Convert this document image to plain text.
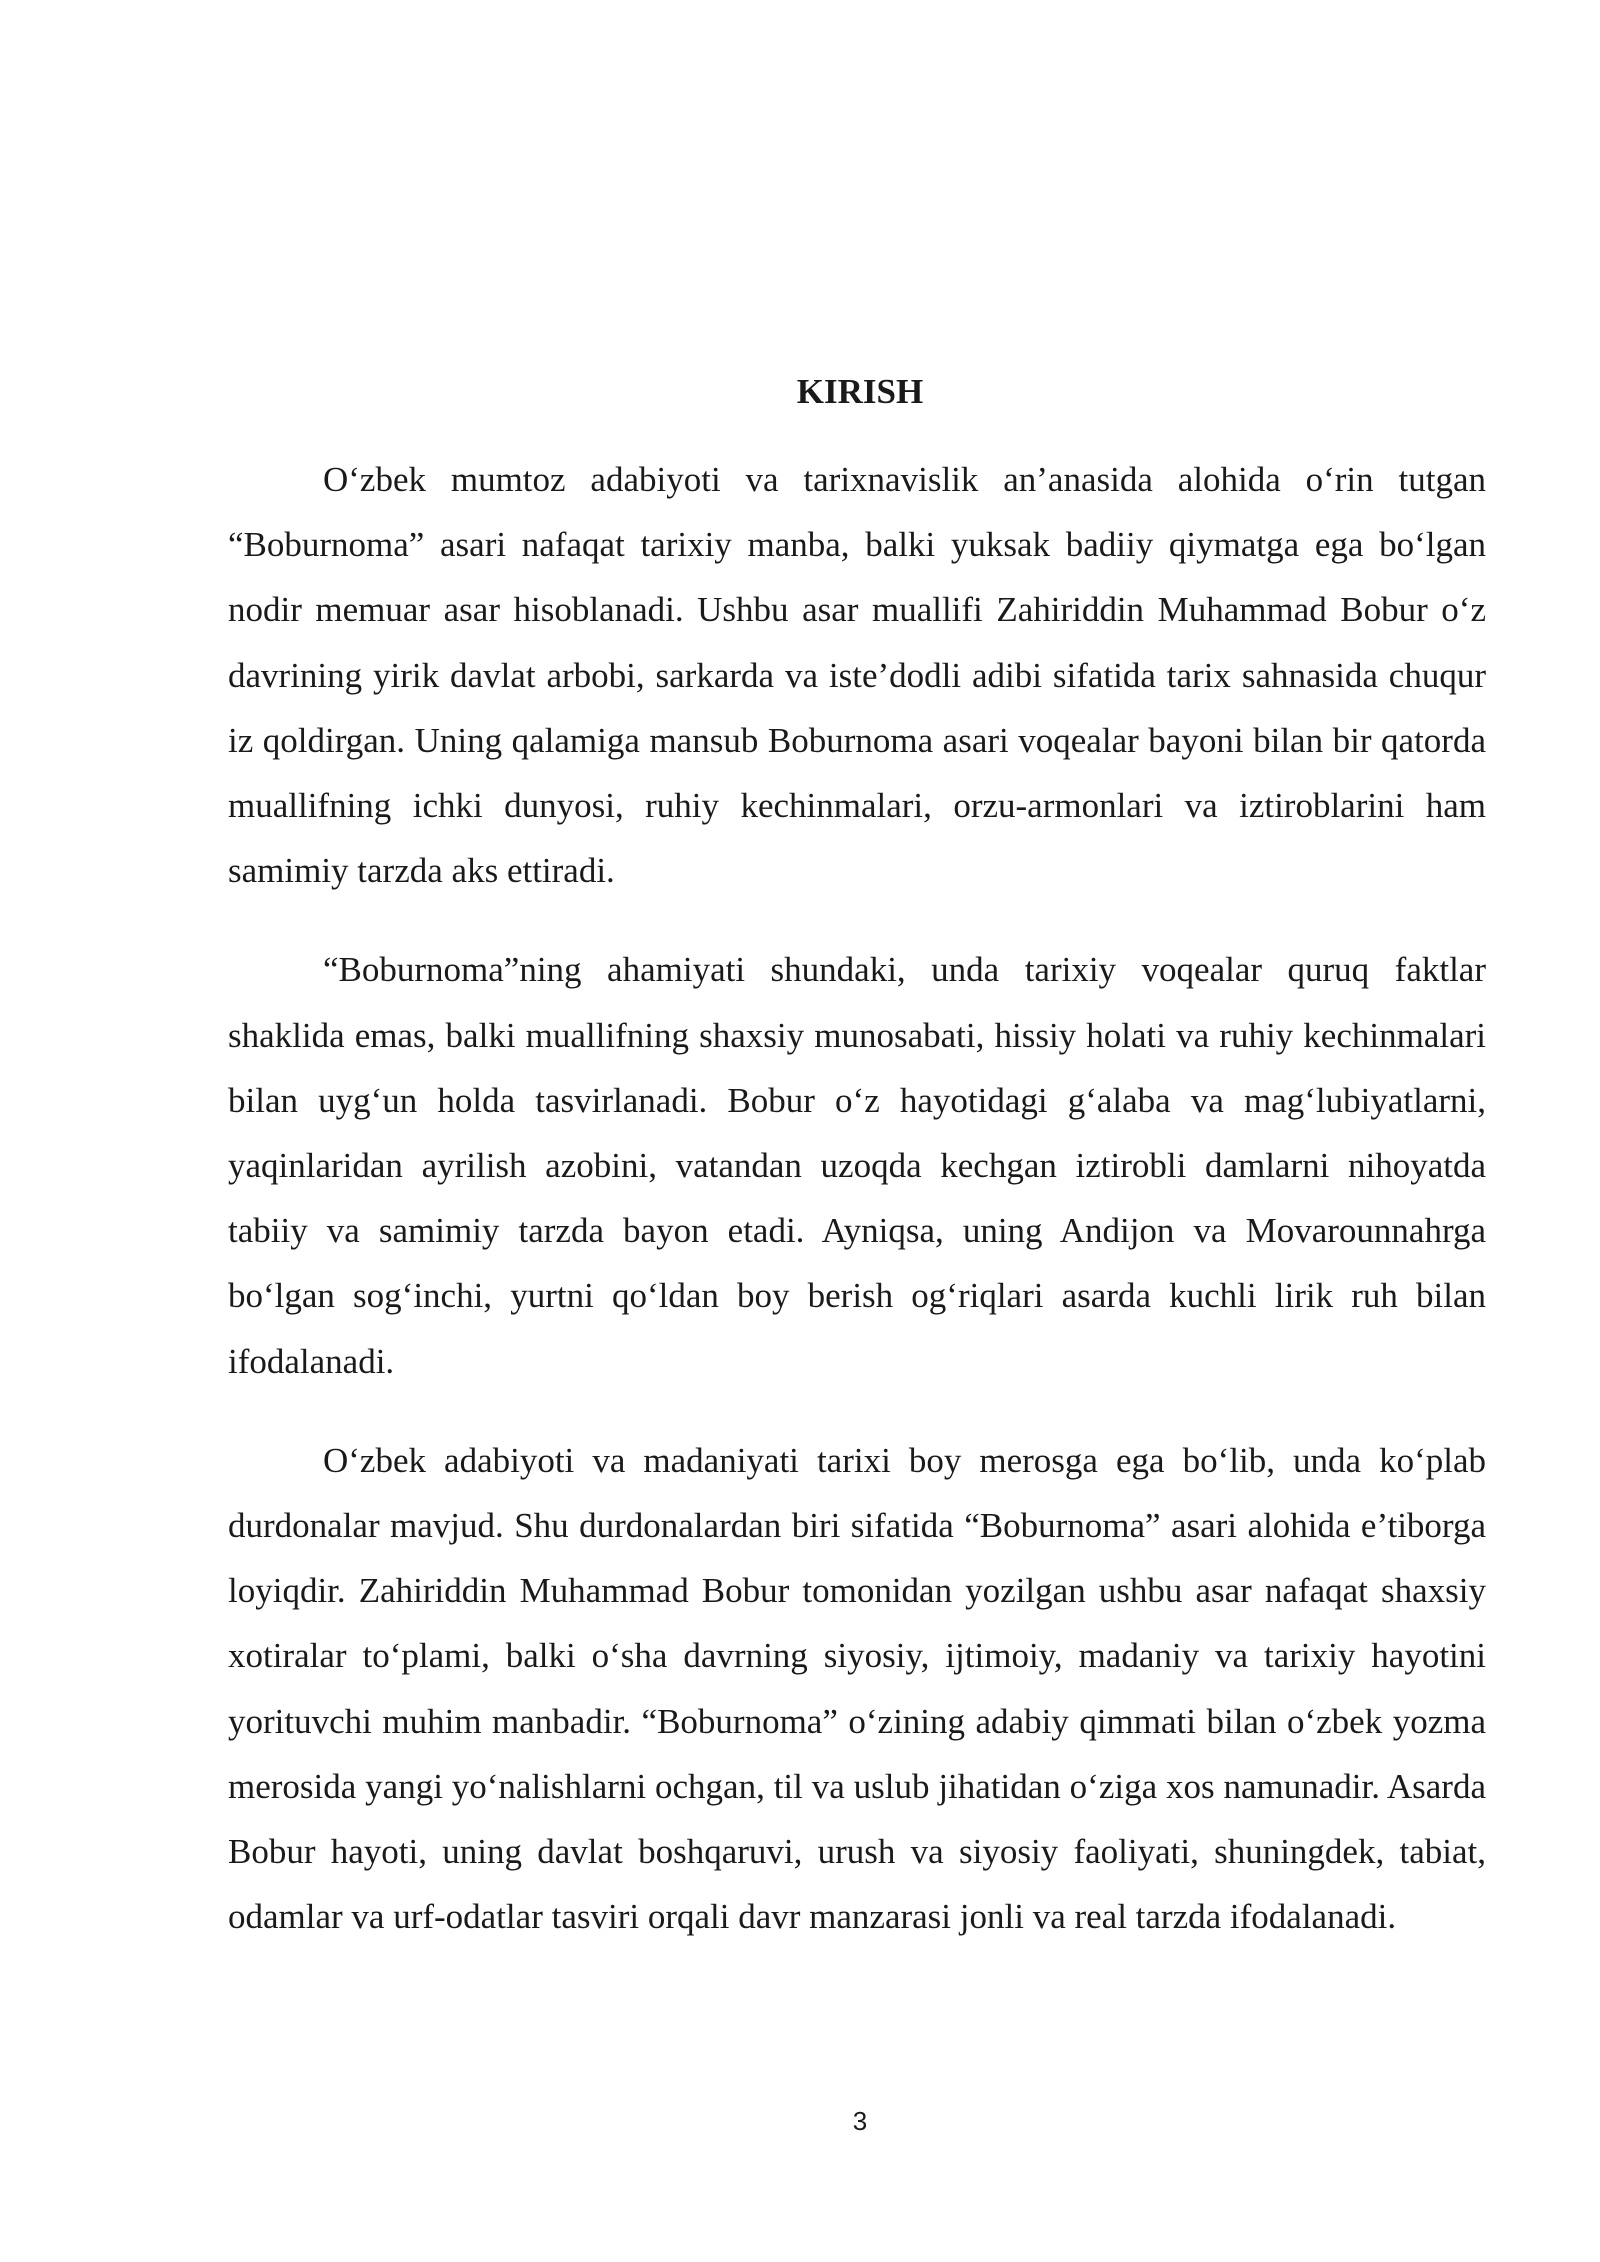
KIRISH

O‘zbek mumtoz adabiyoti va tarixnavislik an’anasida alohida o‘rin tutgan “Boburnoma” asari nafaqat tarixiy manba, balki yuksak badiiy qiymatga ega bo‘lgan nodir memuar asar hisoblanadi. Ushbu asar muallifi Zahiriddin Muhammad Bobur o‘z davrining yirik davlat arbobi, sarkarda va iste’dodli adibi sifatida tarix sahnasida chuqur iz qoldirgan. Uning qalamiga mansub Boburnoma asari voqealar bayoni bilan bir qatorda muallifning ichki dunyosi, ruhiy kechinmalari, orzu-armonlari va iztiroblarini ham samimiy tarzda aks ettiradi.

“Boburnoma”ning ahamiyati shundaki, unda tarixiy voqealar quruq faktlar shaklida emas, balki muallifning shaxsiy munosabati, hissiy holati va ruhiy kechinmalari bilan uyg‘un holda tasvirlanadi. Bobur o‘z hayotidagi g‘alaba va mag‘lubiyatlarni, yaqinlaridan ayrilish azobini, vatandan uzoqda kechgan iztirobli damlarni nihoyatda tabiiy va samimiy tarzda bayon etadi. Ayniqsa, uning Andijon va Movarounnahrga bo‘lgan sog‘inchi, yurtni qo‘ldan boy berish og‘riqlari asarda kuchli lirik ruh bilan ifodalanadi.

O‘zbek adabiyoti va madaniyati tarixi boy merosga ega bo‘lib, unda ko‘plab durdonalar mavjud. Shu durdonalardan biri sifatida “Boburnoma” asari alohida e’tiborga loyiqdir. Zahiriddin Muhammad Bobur tomonidan yozilgan ushbu asar nafaqat shaxsiy xotiralar to‘plami, balki o‘sha davrning siyosiy, ijtimoiy, madaniy va tarixiy hayotini yorituvchi muhim manbadir. “Boburnoma” o‘zining adabiy qimmati bilan o‘zbek yozma merosida yangi yo‘nalishlarni ochgan, til va uslub jihatidan o‘ziga xos namunadir. Asarda Bobur hayoti, uning davlat boshqaruvi, urush va siyosiy faoliyati, shuningdek, tabiat, odamlar va urf-odatlar tasviri orqali davr manzarasi jonli va real tarzda ifodalanadi.

3
